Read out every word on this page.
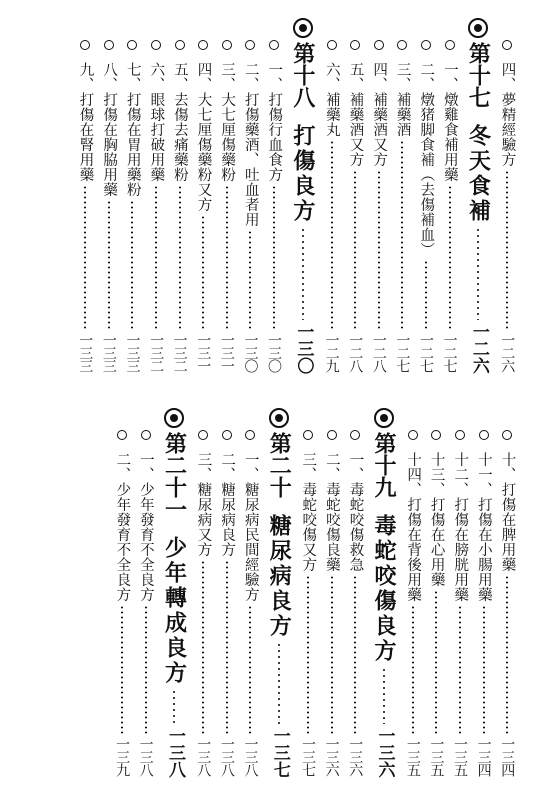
四、夢精經驗方
一二六
第十七
冬天食補
一二六
一、燉雞食補用藥
一二七
二、燉猪脚食補（去傷補血）
一二七
三、補藥酒
一二七
四、補藥酒又方
一二八
五、補藥酒又方
一二八
六、補藥丸
一二九
第十八
打傷良方
一三〇
一、打傷行血食方
一三〇
二、打傷藥酒、吐血者用
一三〇
三、大七厘傷藥粉
一三一
四、大七厘傷藥粉又方
一三一
五、去傷去痛藥粉
一三二
六、眼球打破用藥
一三二
七、打傷在胃用藥粉
一三三
八、打傷在胸脇用藥
一三三
九、打傷在腎用藥
一三三
十、打傷在脾用藥
一三四
十一、打傷在小腸用藥
一三四
十二、打傷在膀胱用藥
一三五
十三、打傷在心用藥
一三五
十四、打傷在背後用藥
一三五
第十九
毒蛇咬傷良方
一三六
一、毒蛇咬傷救急
一三六
二、毒蛇咬傷良藥
一三六
三、毒蛇咬傷又方
一三七
第二十
糖尿病良方
一三七
一、糖尿病民間經驗方
一三八
二、糖尿病良方
一三八
三、糖尿病又方
一三八
第二十一
少年轉成良方
一三八
一、少年發育不全良方
一三八
二、少年發育不全良方
一三九
